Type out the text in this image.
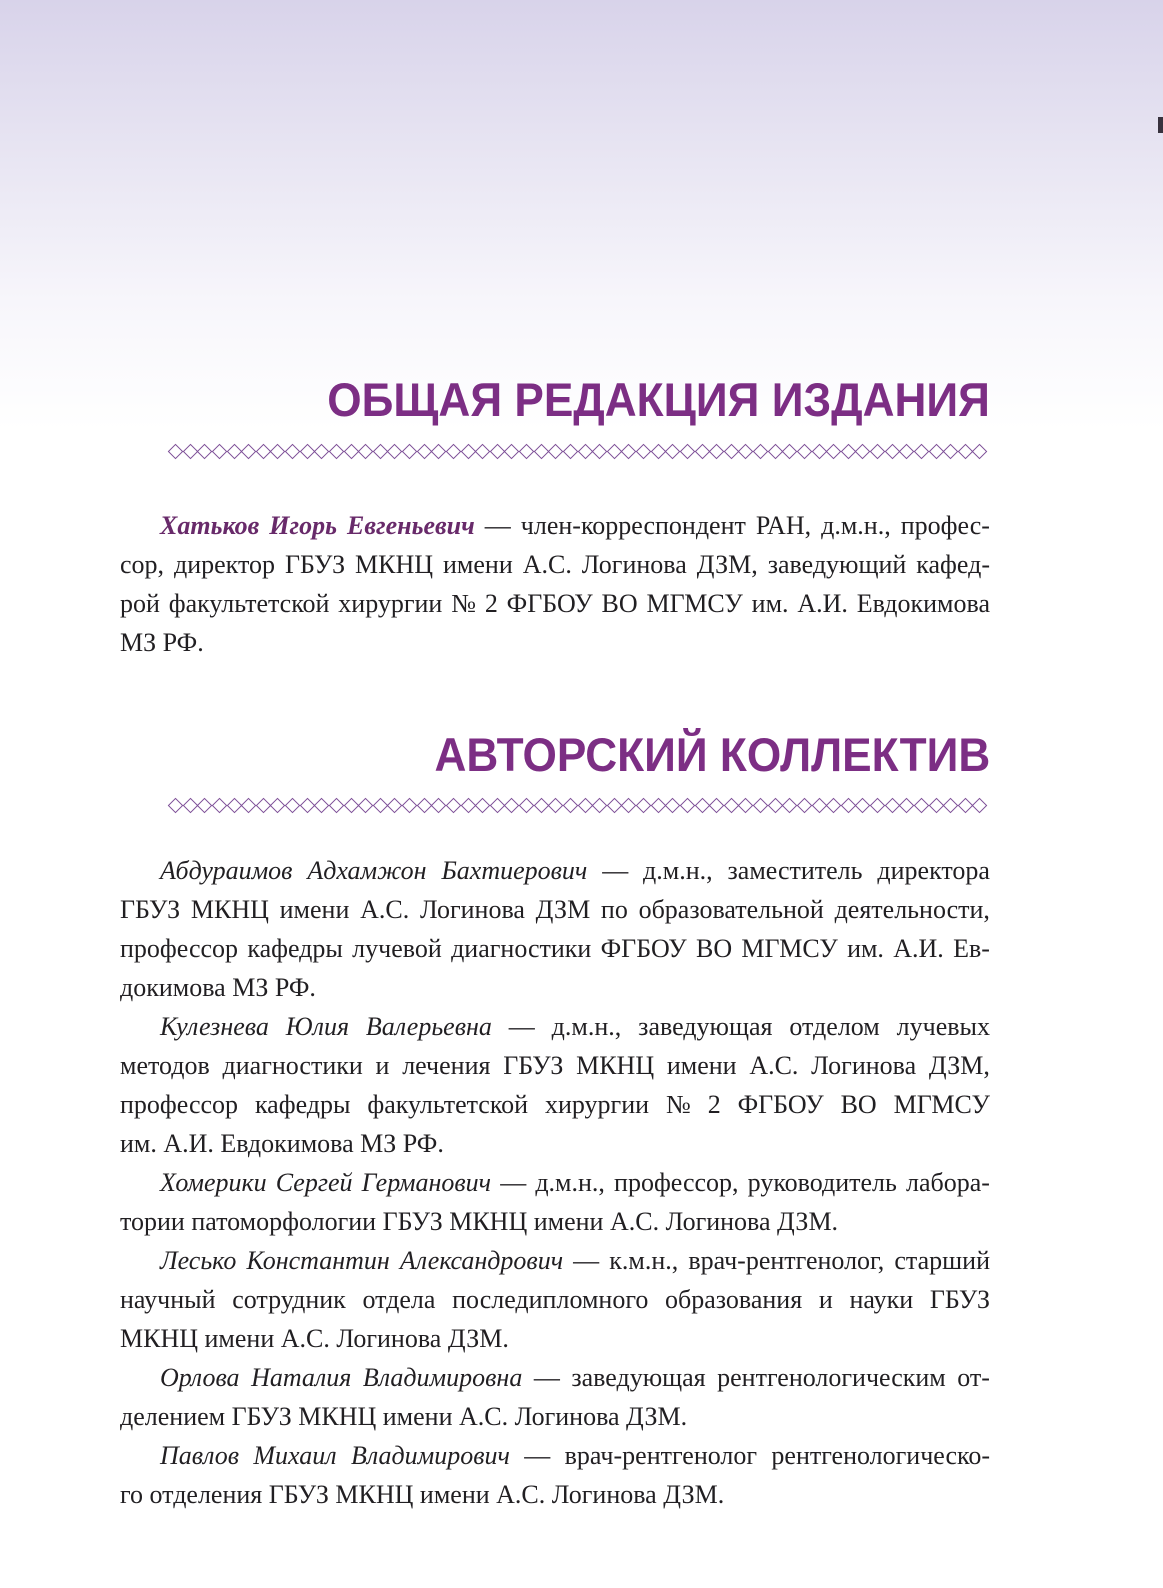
ОБЩАЯ РЕДАКЦИЯ ИЗДАНИЯ
Хатьков Игорь Евгеньевич — член-корреспондент РАН, д.м.н., профес-
сор, директор ГБУЗ МКНЦ имени А.С. Логинова ДЗМ, заведующий кафед-
рой факультетской хирургии № 2 ФГБОУ ВО МГМСУ им. А.И. Евдокимова
МЗ РФ.
АВТОРСКИЙ КОЛЛЕКТИВ
Абдураимов Адхамжон Бахтиерович — д.м.н., заместитель директора
ГБУЗ МКНЦ имени А.С. Логинова ДЗМ по образовательной деятельности,
профессор кафедры лучевой диагностики ФГБОУ ВО МГМСУ им. А.И. Ев-
докимова МЗ РФ.
Кулезнева Юлия Валерьевна — д.м.н., заведующая отделом лучевых
методов диагностики и лечения ГБУЗ МКНЦ имени А.С. Логинова ДЗМ,
профессор кафедры факультетской хирургии № 2 ФГБОУ ВО МГМСУ
им. А.И. Евдокимова МЗ РФ.
Хомерики Сергей Германович — д.м.н., профессор, руководитель лабора-
тории патоморфологии ГБУЗ МКНЦ имени А.С. Логинова ДЗМ.
Лесько Константин Александрович — к.м.н., врач-рентгенолог, старший
научный сотрудник отдела последипломного образования и науки ГБУЗ
МКНЦ имени А.С. Логинова ДЗМ.
Орлова Наталия Владимировна — заведующая рентгенологическим от-
делением ГБУЗ МКНЦ имени А.С. Логинова ДЗМ.
Павлов Михаил Владимирович — врач-рентгенолог рентгенологическо-
го отделения ГБУЗ МКНЦ имени А.С. Логинова ДЗМ.
